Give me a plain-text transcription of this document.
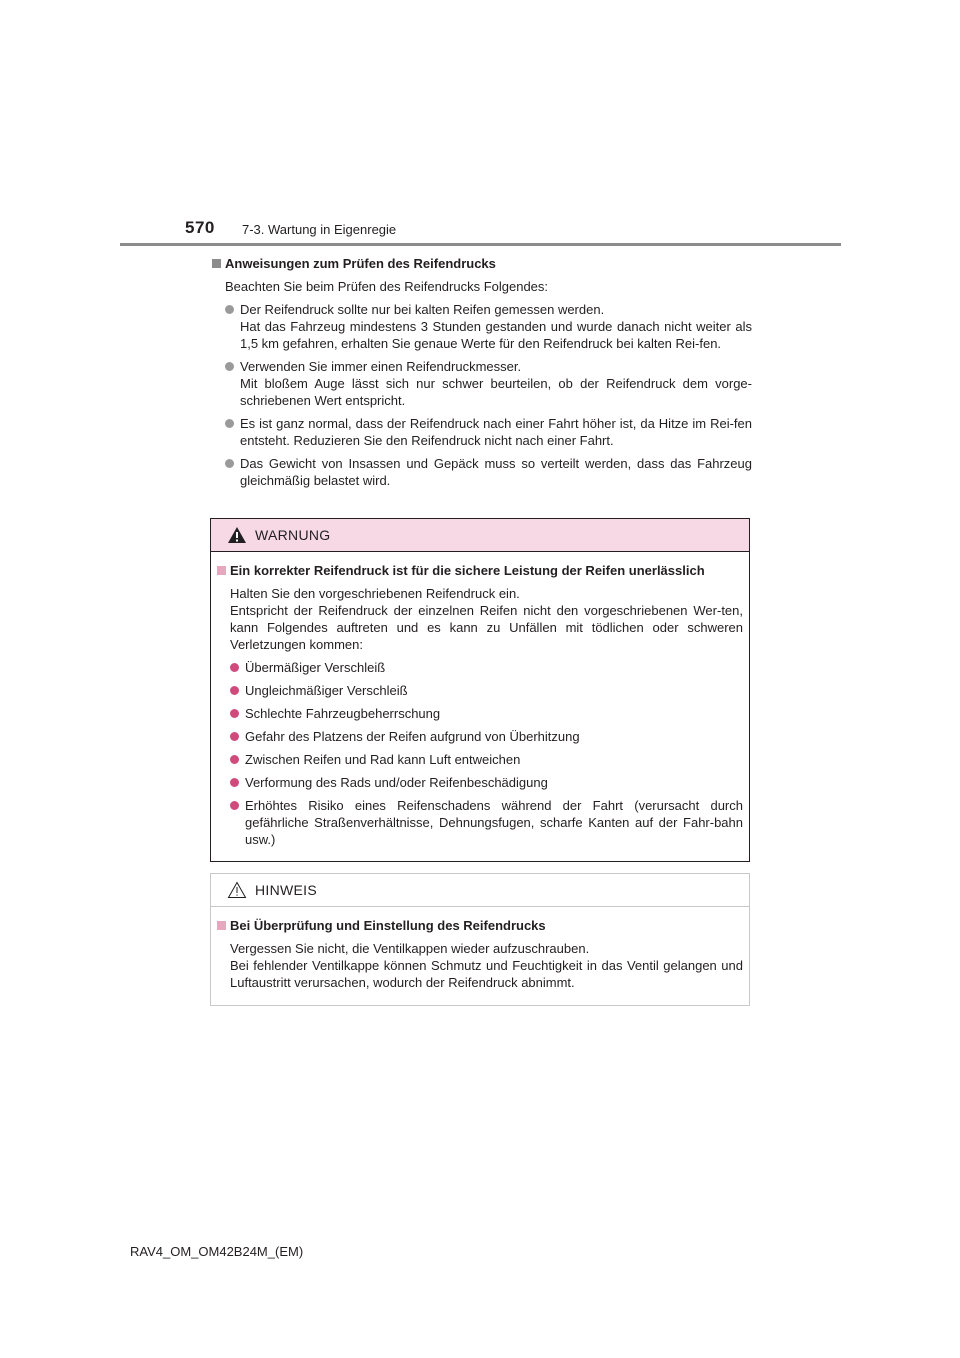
570 7-3. Wartung in Eigenregie
Anweisungen zum Prüfen des Reifendrucks
Beachten Sie beim Prüfen des Reifendrucks Folgendes:
Der Reifendruck sollte nur bei kalten Reifen gemessen werden.
Hat das Fahrzeug mindestens 3 Stunden gestanden und wurde danach nicht weiter als 1,5 km gefahren, erhalten Sie genaue Werte für den Reifendruck bei kalten Rei-fen.
Verwenden Sie immer einen Reifendruckmesser.
Mit bloßem Auge lässt sich nur schwer beurteilen, ob der Reifendruck dem vorge-schriebenen Wert entspricht.
Es ist ganz normal, dass der Reifendruck nach einer Fahrt höher ist, da Hitze im Rei-fen entsteht. Reduzieren Sie den Reifendruck nicht nach einer Fahrt.
Das Gewicht von Insassen und Gepäck muss so verteilt werden, dass das Fahrzeug gleichmäßig belastet wird.
WARNUNG
Ein korrekter Reifendruck ist für die sichere Leistung der Reifen unerlässlich
Halten Sie den vorgeschriebenen Reifendruck ein.
Entspricht der Reifendruck der einzelnen Reifen nicht den vorgeschriebenen Wer-ten, kann Folgendes auftreten und es kann zu Unfällen mit tödlichen oder schweren Verletzungen kommen:
Übermäßiger Verschleiß
Ungleichmäßiger Verschleiß
Schlechte Fahrzeugbeherrschung
Gefahr des Platzens der Reifen aufgrund von Überhitzung
Zwischen Reifen und Rad kann Luft entweichen
Verformung des Rads und/oder Reifenbeschädigung
Erhöhtes Risiko eines Reifenschadens während der Fahrt (verursacht durch gefährliche Straßenverhältnisse, Dehnungsfugen, scharfe Kanten auf der Fahr-bahn usw.)
HINWEIS
Bei Überprüfung und Einstellung des Reifendrucks
Vergessen Sie nicht, die Ventilkappen wieder aufzuschrauben.
Bei fehlender Ventilkappe können Schmutz und Feuchtigkeit in das Ventil gelangen und Luftaustritt verursachen, wodurch der Reifendruck abnimmt.
RAV4_OM_OM42B24M_(EM)
